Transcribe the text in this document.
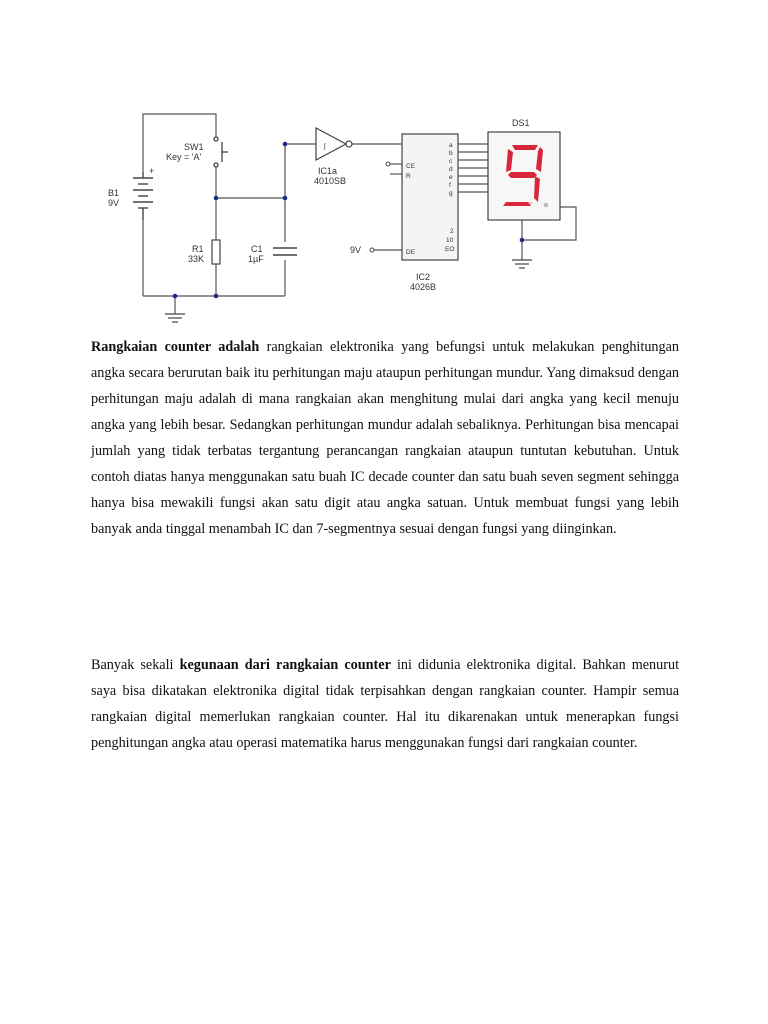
+
B1
9V
SW1
Key = 'A'
R1
33K
C1
1µF
∫
IC1a
4010SB
CE
R
DE
a
b
c
d
e
f
g
2
10
EO
IC2
4026B
9V
DS1

Rangkaian counter adalah rangkaian elektronika yang befungsi untuk melakukan penghitungan angka secara berurutan baik itu perhitungan maju ataupun perhitungan mundur. Yang dimaksud dengan perhitungan maju adalah di mana rangkaian akan menghitung mulai dari angka yang kecil menuju angka yang lebih besar. Sedangkan perhitungan mundur adalah sebaliknya. Perhitungan bisa mencapai jumlah yang tidak terbatas tergantung perancangan rangkaian ataupun tuntutan kebutuhan. Untuk contoh diatas hanya menggunakan satu buah IC decade counter dan satu buah seven segment sehingga hanya bisa mewakili fungsi akan satu digit atau angka satuan. Untuk membuat fungsi yang lebih banyak anda tinggal menambah IC dan 7-segmentnya sesuai dengan fungsi yang diinginkan.

Banyak sekali kegunaan dari rangkaian counter ini didunia elektronika digital. Bahkan menurut saya bisa dikatakan elektronika digital tidak terpisahkan dengan rangkaian counter. Hampir semua rangkaian digital memerlukan rangkaian counter. Hal itu dikarenakan untuk menerapkan fungsi penghitungan angka atau operasi matematika harus menggunakan fungsi dari rangkaian counter.
